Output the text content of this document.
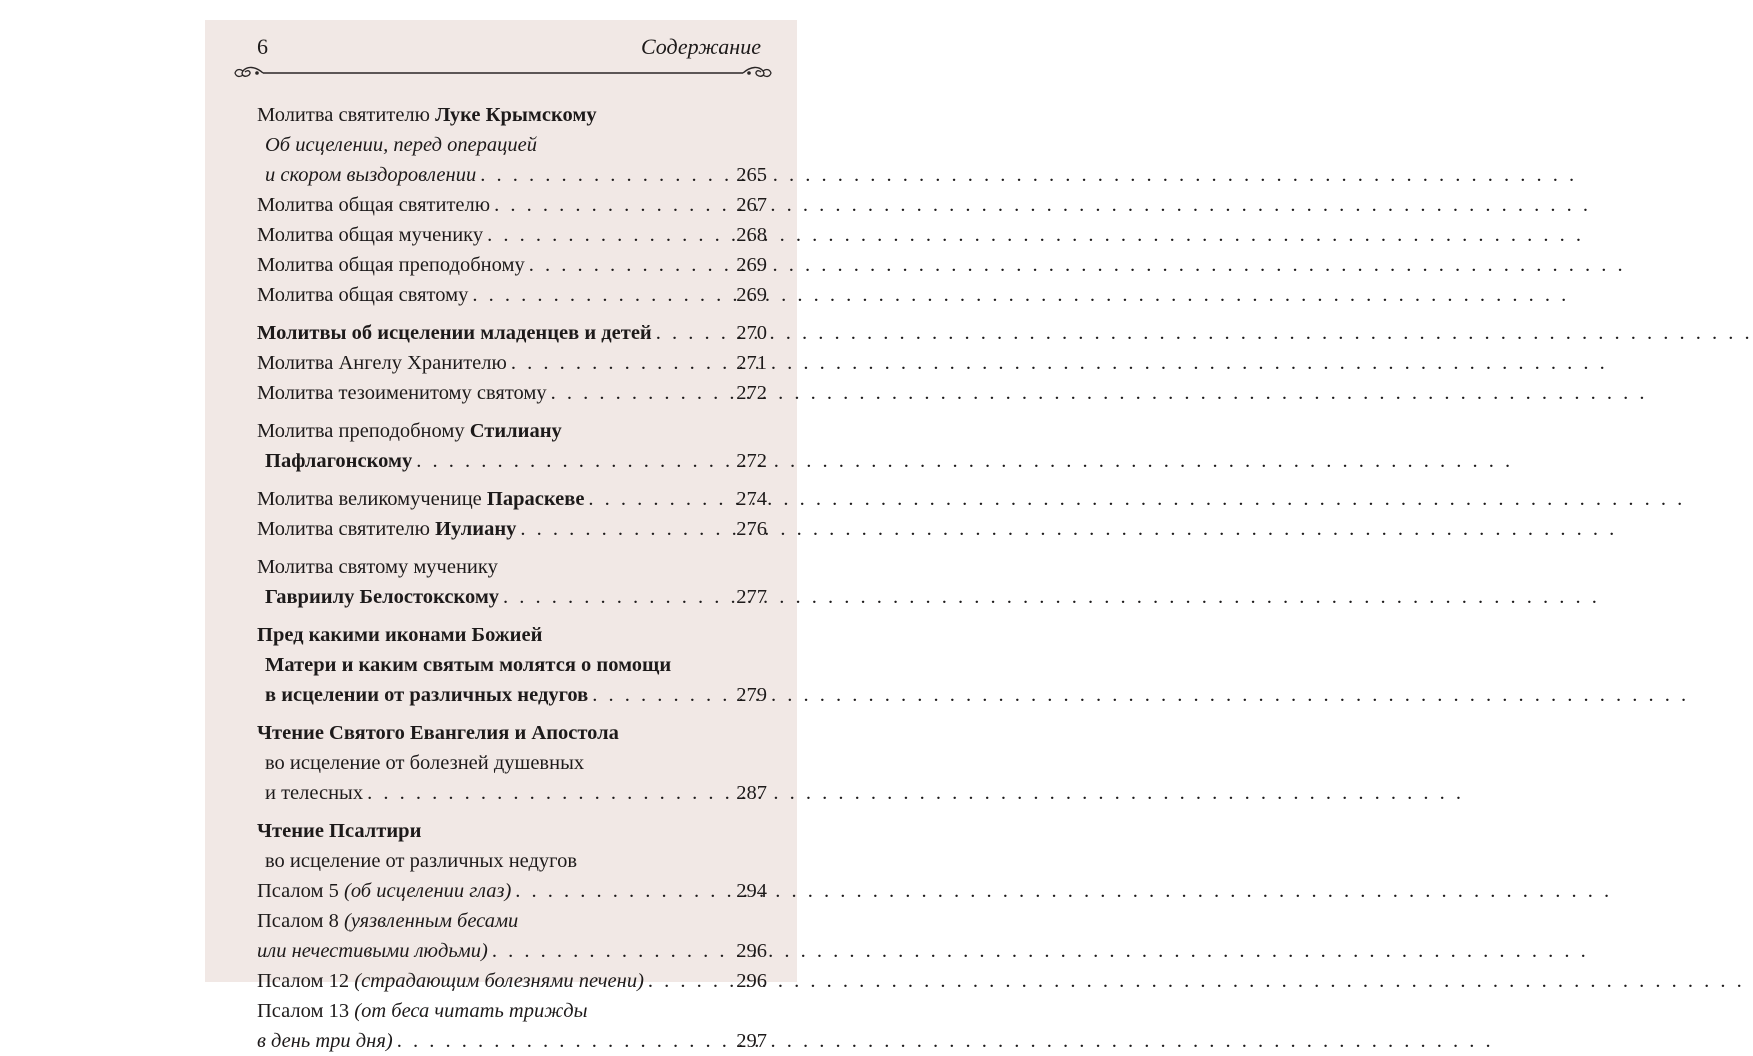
6	Содержание
Молитва святителю Луке Крымскому
Об исцелении, перед операцией
и скором выздоровлении . . .	265
Молитва общая святителю . . .	267
Молитва общая мученику . . .	268
Молитва общая преподобному . . .	269
Молитва общая святому . . .	269
Молитвы об исцелении младенцев и детей . . .	270
Молитва Ангелу Хранителю . . .	271
Молитва тезоименитому святому . . .	272
Молитва преподобному Стилиану
Пафлагонскому . . .	272
Молитва великомученице Параскеве . . .	274
Молитва святителю Иулиану . . .	276
Молитва святому мученику
Гавриилу Белостокскому . . .	277
Пред какими иконами Божией
Матери и каким святым молятся о помощи
в исцелении от различных недугов . . .	279
Чтение Святого Евангелия и Апостола
во исцеление от болезней душевных
и телесных . . .	287
Чтение Псалтири
во исцеление от различных недугов
Псалом 5 (об исцелении глаз) . . .	294
Псалом 8 (уязвленным бесами
или нечестивыми людьми) . . .	296
Псалом 12 (страдающим болезнями печени) . . .	296
Псалом 13 (от беса читать трижды
в день три дня) . . .	297
